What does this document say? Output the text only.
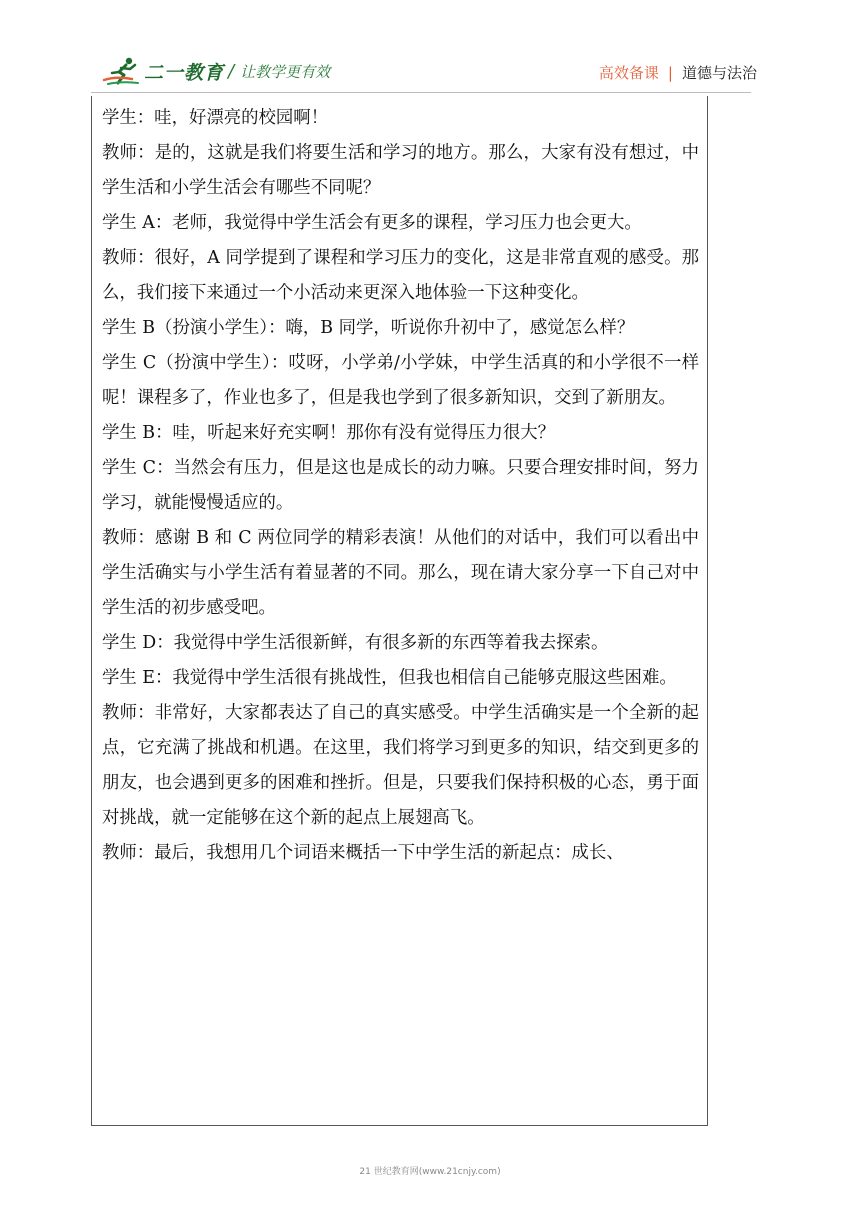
二一教育 / 让教学更有效	高效备课 | 道德与法治

学生：哇，好漂亮的校园啊！

教师：是的，这就是我们将要生活和学习的地方。那么，大家有没有想过，中学生活和小学生活会有哪些不同呢？

学生 A：老师，我觉得中学生活会有更多的课程，学习压力也会更大。

教师：很好，A 同学提到了课程和学习压力的变化，这是非常直观的感受。那么，我们接下来通过一个小活动来更深入地体验一下这种变化。

学生 B（扮演小学生）：嗨，B 同学，听说你升初中了，感觉怎么样？

学生 C（扮演中学生）：哎呀，小学弟/小学妹，中学生活真的和小学很不一样呢！课程多了，作业也多了，但是我也学到了很多新知识，交到了新朋友。

学生 B：哇，听起来好充实啊！那你有没有觉得压力很大？

学生 C：当然会有压力，但是这也是成长的动力嘛。只要合理安排时间，努力学习，就能慢慢适应的。

教师：感谢 B 和 C 两位同学的精彩表演！从他们的对话中，我们可以看出中学生活确实与小学生活有着显著的不同。那么，现在请大家分享一下自己对中学生活的初步感受吧。

学生 D：我觉得中学生活很新鲜，有很多新的东西等着我去探索。

学生 E：我觉得中学生活很有挑战性，但我也相信自己能够克服这些困难。

教师：非常好，大家都表达了自己的真实感受。中学生活确实是一个全新的起点，它充满了挑战和机遇。在这里，我们将学习到更多的知识，结交到更多的朋友，也会遇到更多的困难和挫折。但是，只要我们保持积极的心态，勇于面对挑战，就一定能够在这个新的起点上展翅高飞。

教师：最后，我想用几个词语来概括一下中学生活的新起点：成长、

21 世纪教育网(www.21cnjy.com)
